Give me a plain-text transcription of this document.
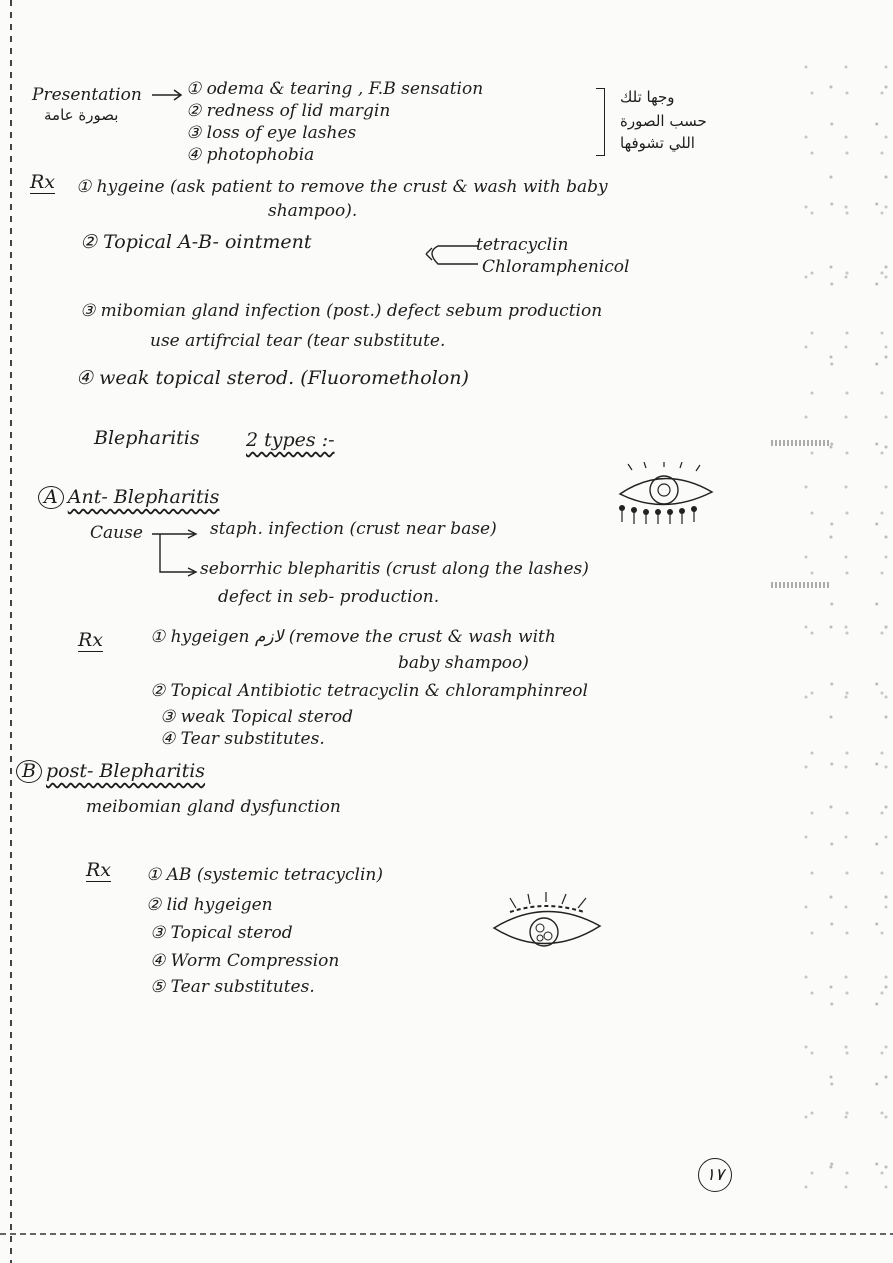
Presentation
بصورة عامة
① odema & tearing , F.B sensation
② redness of lid margin
③ loss of eye lashes
④ photophobia
وجها تلك
حسب الصورة
اللي تشوفها
Rx ① hygeine (ask patient to remove the crust & wash with baby
shampoo).
② Topical A-B- ointment	tetracyclin
Chloramphenicol
③ mibomian gland infection (post.) defect sebum production
use artifrcial tear (tear substitute.
④ weak topical sterod. (Fluorometholon)
Blepharitis 2 types :-
A Ant- Blepharitis
Cause	staph. infection (crust near base)
seborrhic blepharitis (crust along the lashes)
defect in seb- production.
Rx	① hygeigen لازم (remove the crust & wash with
baby shampoo)
② Topical Antibiotic tetracyclin & chloramphinreol
③ weak Topical sterod
④ Tear substitutes.
B post- Blepharitis
meibomian gland dysfunction
Rx ① AB (systemic tetracyclin)
② lid hygeigen
③ Topical sterod
④ Worm Compression
⑤ Tear substitutes.
١٧
